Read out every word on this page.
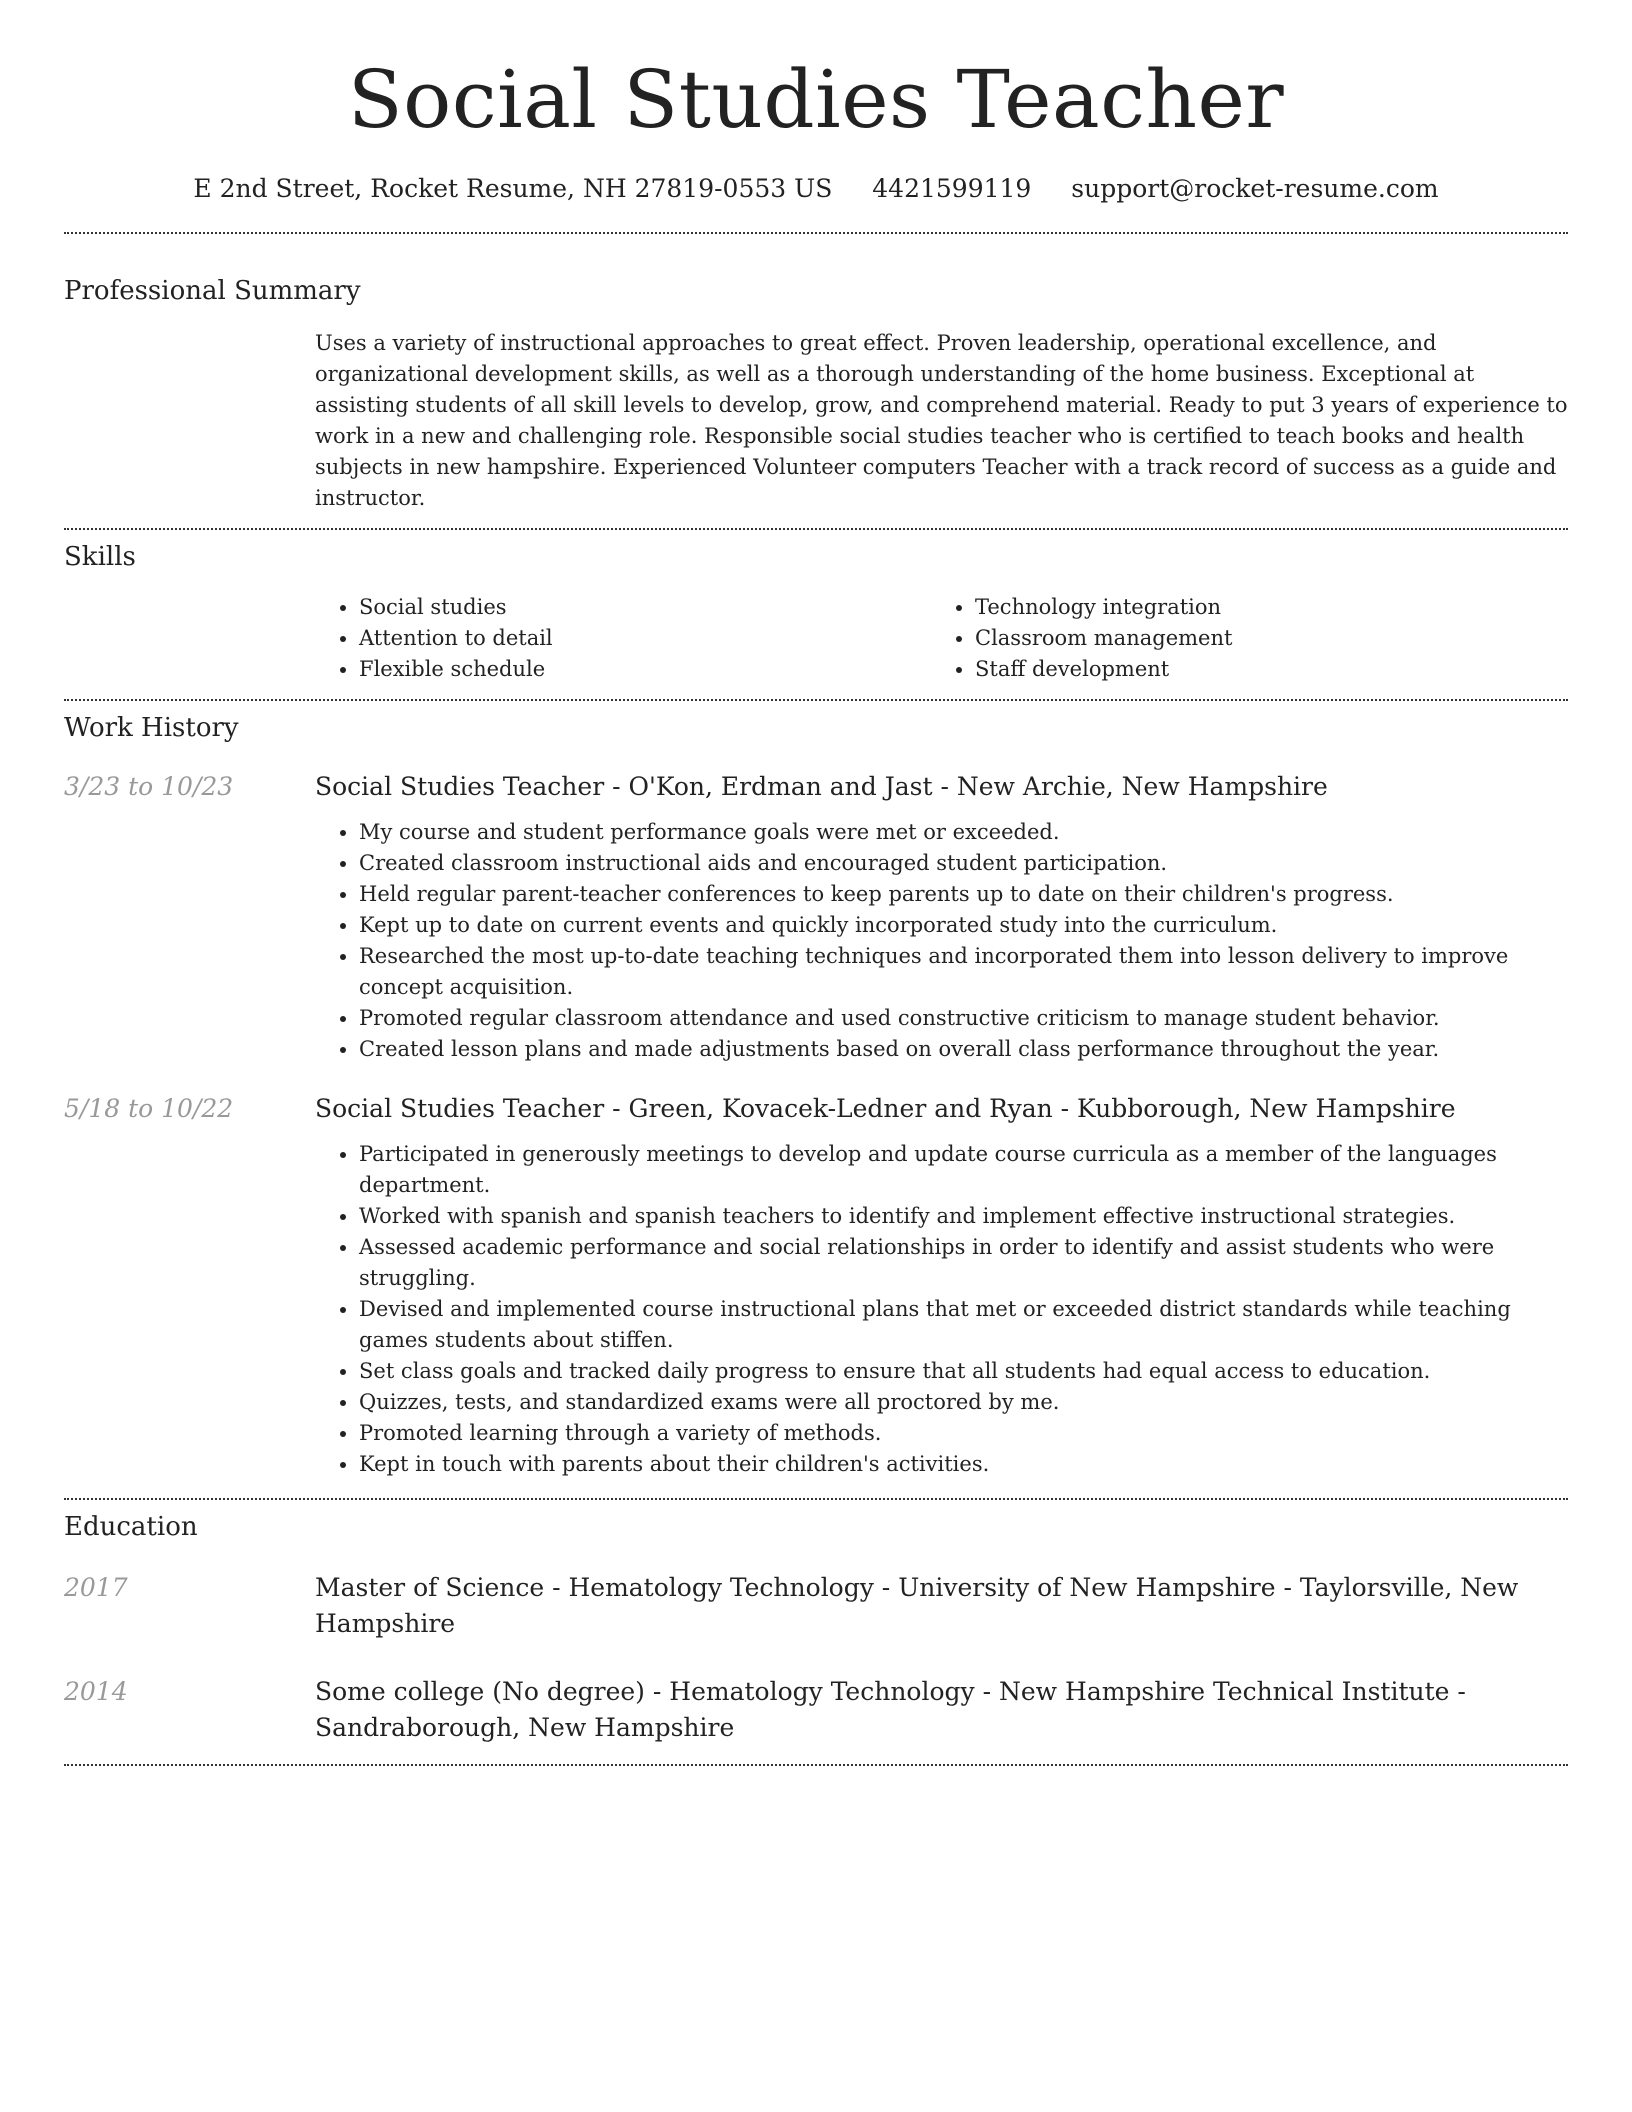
Social Studies Teacher
E 2nd Street, Rocket Resume, NH 27819-0553 US 4421599119 support@rocket-resume.com
Professional Summary
Uses a variety of instructional approaches to great effect. Proven leadership, operational excellence, and organizational development skills, as well as a thorough understanding of the home business. Exceptional at assisting students of all skill levels to develop, grow, and comprehend material. Ready to put 3 years of experience to work in a new and challenging role. Responsible social studies teacher who is certified to teach books and health subjects in new hampshire. Experienced Volunteer computers Teacher with a track record of success as a guide and instructor.
Skills
• Social studies
• Attention to detail
• Flexible schedule
• Technology integration
• Classroom management
• Staff development
Work History
3/23 to 10/23	Social Studies Teacher - O'Kon, Erdman and Jast - New Archie, New Hampshire
• My course and student performance goals were met or exceeded.
• Created classroom instructional aids and encouraged student participation.
• Held regular parent-teacher conferences to keep parents up to date on their children's progress.
• Kept up to date on current events and quickly incorporated study into the curriculum.
• Researched the most up-to-date teaching techniques and incorporated them into lesson delivery to improve concept acquisition.
• Promoted regular classroom attendance and used constructive criticism to manage student behavior.
• Created lesson plans and made adjustments based on overall class performance throughout the year.
5/18 to 10/22	Social Studies Teacher - Green, Kovacek-Ledner and Ryan - Kubborough, New Hampshire
• Participated in generously meetings to develop and update course curricula as a member of the languages department.
• Worked with spanish and spanish teachers to identify and implement effective instructional strategies.
• Assessed academic performance and social relationships in order to identify and assist students who were struggling.
• Devised and implemented course instructional plans that met or exceeded district standards while teaching games students about stiffen.
• Set class goals and tracked daily progress to ensure that all students had equal access to education.
• Quizzes, tests, and standardized exams were all proctored by me.
• Promoted learning through a variety of methods.
• Kept in touch with parents about their children's activities.
Education
2017	Master of Science - Hematology Technology - University of New Hampshire - Taylorsville, New Hampshire
2014	Some college (No degree) - Hematology Technology - New Hampshire Technical Institute - Sandraborough, New Hampshire
